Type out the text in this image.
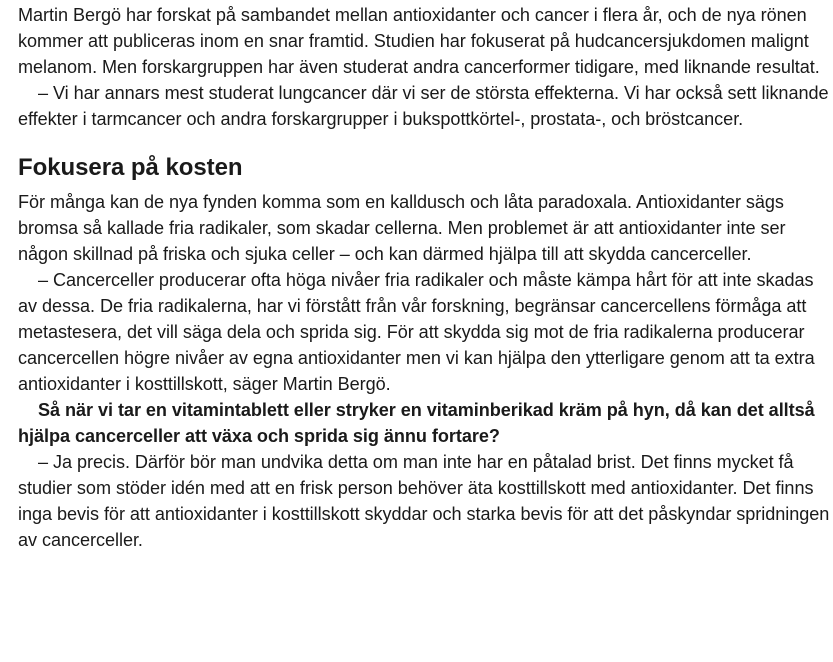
Martin Bergö har forskat på sambandet mellan antioxidanter och cancer i flera år, och de nya rönen kommer att publiceras inom en snar framtid. Studien har fokuserat på hudcancersjukdomen malignt melanom. Men forskargruppen har även studerat andra cancerformer tidigare, med liknande resultat.

– Vi har annars mest studerat lungcancer där vi ser de största effekterna. Vi har också sett liknande effekter i tarmcancer och andra forskargrupper i bukspottkörtel-, prostata-, och bröstcancer.

Fokusera på kosten

För många kan de nya fynden komma som en kalldusch och låta paradoxala. Antioxidanter sägs bromsa så kallade fria radikaler, som skadar cellerna. Men problemet är att antioxidanter inte ser någon skillnad på friska och sjuka celler – och kan därmed hjälpa till att skydda cancerceller.

– Cancerceller producerar ofta höga nivåer fria radikaler och måste kämpa hårt för att inte skadas av dessa. De fria radikalerna, har vi förstått från vår forskning, begränsar cancercellens förmåga att metastesera, det vill säga dela och sprida sig. För att skydda sig mot de fria radikalerna producerar cancercellen högre nivåer av egna antioxidanter men vi kan hjälpa den ytterligare genom att ta extra antioxidanter i kosttillskott, säger Martin Bergö.

Så när vi tar en vitamintablett eller stryker en vitaminberikad kräm på hyn, då kan det alltså hjälpa cancerceller att växa och sprida sig ännu fortare?

– Ja precis. Därför bör man undvika detta om man inte har en påtalad brist. Det finns mycket få studier som stöder idén med att en frisk person behöver äta kosttillskott med antioxidanter. Det finns inga bevis för att antioxidanter i kosttillskott skyddar och starka bevis för att det påskyndar spridningen av cancerceller.
